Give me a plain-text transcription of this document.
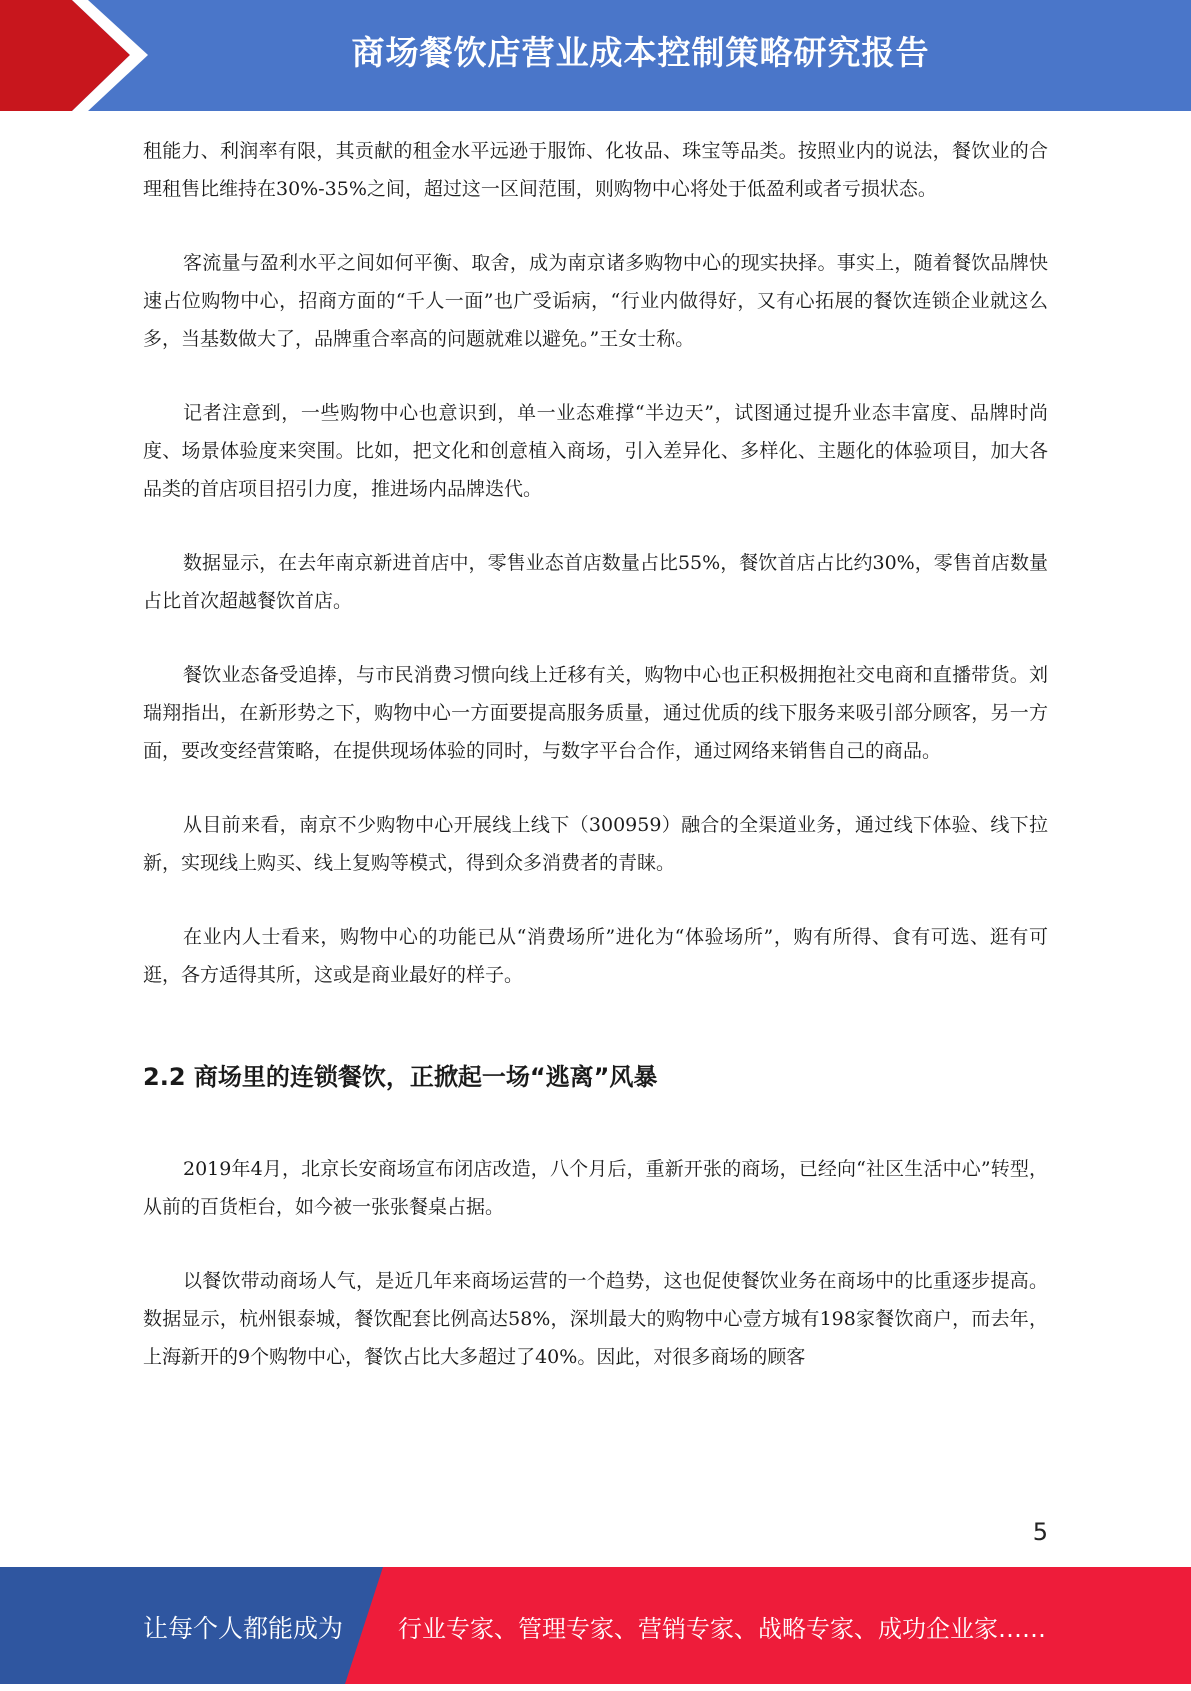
商场餐饮店营业成本控制策略研究报告

租能力、利润率有限，其贡献的租金水平远逊于服饰、化妆品、珠宝等品类。按照业内的说法，餐饮业的合理租售比维持在30%-35%之间，超过这一区间范围，则购物中心将处于低盈利或者亏损状态。

客流量与盈利水平之间如何平衡、取舍，成为南京诸多购物中心的现实抉择。事实上，随着餐饮品牌快速占位购物中心，招商方面的“千人一面”也广受诟病，“行业内做得好，又有心拓展的餐饮连锁企业就这么多，当基数做大了，品牌重合率高的问题就难以避免。”王女士称。

记者注意到，一些购物中心也意识到，单一业态难撑“半边天”，试图通过提升业态丰富度、品牌时尚度、场景体验度来突围。比如，把文化和创意植入商场，引入差异化、多样化、主题化的体验项目，加大各品类的首店项目招引力度，推进场内品牌迭代。

数据显示，在去年南京新进首店中，零售业态首店数量占比55%，餐饮首店占比约30%，零售首店数量占比首次超越餐饮首店。

餐饮业态备受追捧，与市民消费习惯向线上迁移有关，购物中心也正积极拥抱社交电商和直播带货。刘瑞翔指出，在新形势之下，购物中心一方面要提高服务质量，通过优质的线下服务来吸引部分顾客，另一方面，要改变经营策略，在提供现场体验的同时，与数字平台合作，通过网络来销售自己的商品。

从目前来看，南京不少购物中心开展线上线下（300959）融合的全渠道业务，通过线下体验、线下拉新，实现线上购买、线上复购等模式，得到众多消费者的青睐。

在业内人士看来，购物中心的功能已从“消费场所”进化为“体验场所”，购有所得、食有可选、逛有可逛，各方适得其所，这或是商业最好的样子。

2.2 商场里的连锁餐饮，正掀起一场“逃离”风暴

2019年4月，北京长安商场宣布闭店改造，八个月后，重新开张的商场，已经向“社区生活中心”转型，从前的百货柜台，如今被一张张餐桌占据。

以餐饮带动商场人气，是近几年来商场运营的一个趋势，这也促使餐饮业务在商场中的比重逐步提高。数据显示，杭州银泰城，餐饮配套比例高达58%，深圳最大的购物中心壹方城有198家餐饮商户，而去年，上海新开的9个购物中心，餐饮占比大多超过了40%。因此，对很多商场的顾客

5
让每个人都能成为 行业专家、管理专家、营销专家、战略专家、成功企业家……
